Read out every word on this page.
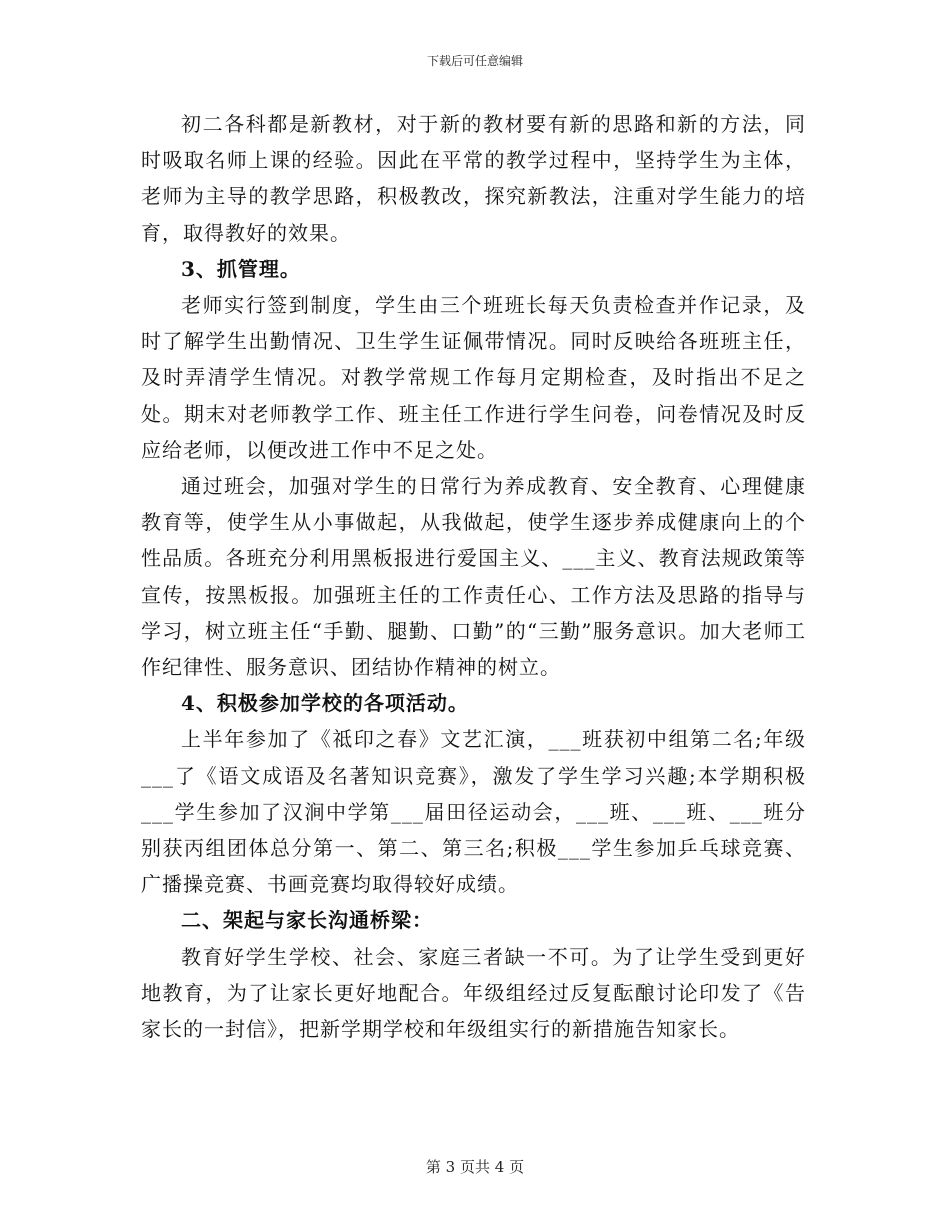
下载后可任意编辑

初二各科都是新教材，对于新的教材要有新的思路和新的方法，同时吸取名师上课的经验。因此在平常的教学过程中，坚持学生为主体，老师为主导的教学思路，积极教改，探究新教法，注重对学生能力的培育，取得教好的效果。

3、抓管理。

老师实行签到制度，学生由三个班班长每天负责检查并作记录，及时了解学生出勤情况、卫生学生证佩带情况。同时反映给各班班主任，及时弄清学生情况。对教学常规工作每月定期检查，及时指出不足之处。期末对老师教学工作、班主任工作进行学生问卷，问卷情况及时反应给老师，以便改进工作中不足之处。

通过班会，加强对学生的日常行为养成教育、安全教育、心理健康教育等，使学生从小事做起，从我做起，使学生逐步养成健康向上的个性品质。各班充分利用黑板报进行爱国主义、___主义、教育法规政策等宣传，按黑板报。加强班主任的工作责任心、工作方法及思路的指导与学习，树立班主任“手勤、腿勤、口勤”的“三勤”服务意识。加大老师工作纪律性、服务意识、团结协作精神的树立。

4、积极参加学校的各项活动。

上半年参加了《祗印之春》文艺汇演，___班获初中组第二名;年级___了《语文成语及名著知识竞赛》，激发了学生学习兴趣;本学期积极___学生参加了汉涧中学第___届田径运动会，___班、___班、___班分别获丙组团体总分第一、第二、第三名;积极___学生参加乒乓球竞赛、广播操竞赛、书画竞赛均取得较好成绩。

二、架起与家长沟通桥梁：

教育好学生学校、社会、家庭三者缺一不可。为了让学生受到更好地教育，为了让家长更好地配合。年级组经过反复酝酿讨论印发了《告家长的一封信》，把新学期学校和年级组实行的新措施告知家长。

第 3 页共 4 页
